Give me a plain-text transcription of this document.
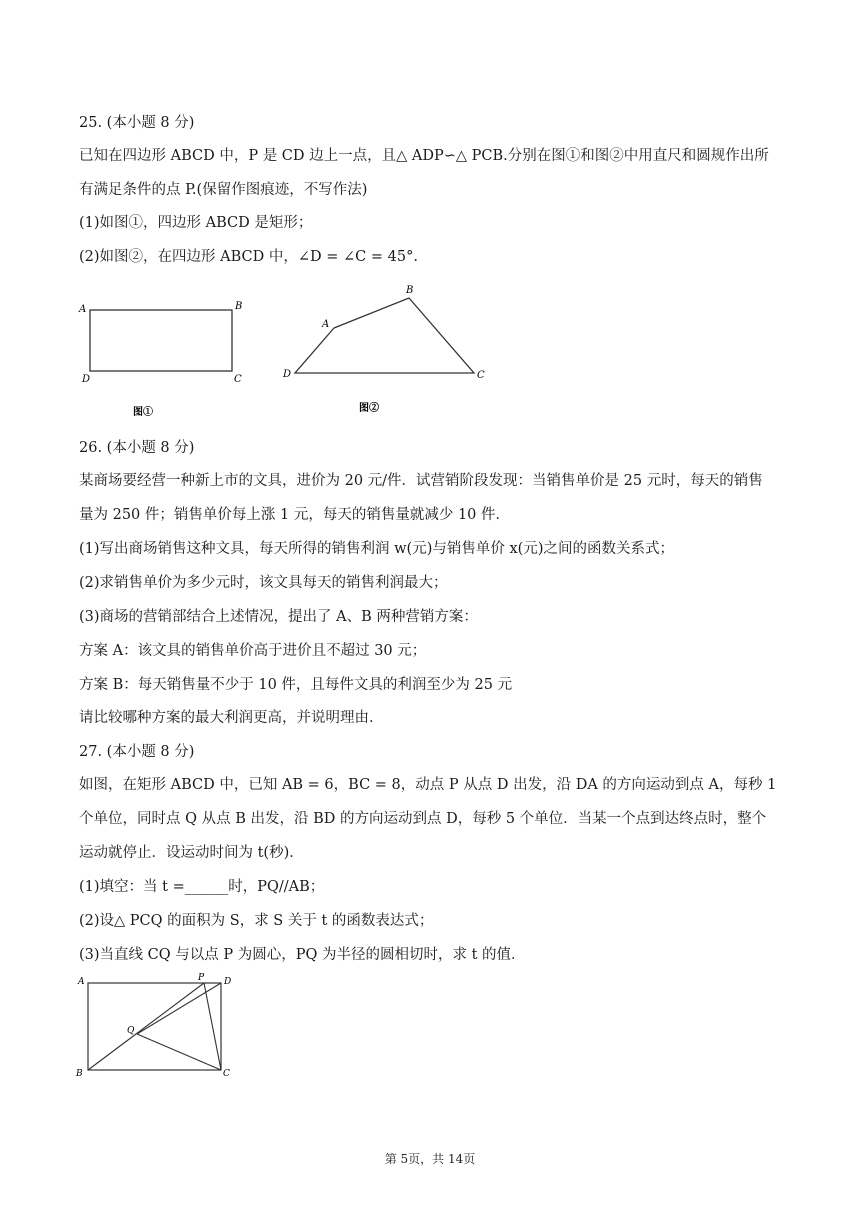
25. (本小题 8 分)
已知在四边形 ABCD 中，P 是 CD 边上一点，且△ ADP∽△ PCB.分别在图①和图②中用直尺和圆规作出所
有满足条件的点 P.(保留作图痕迹，不写作法)
(1)如图①，四边形 ABCD 是矩形；
(2)如图②，在四边形 ABCD 中，∠D = ∠C = 45°.
A	B
D	C
图①
A
B
D	C
图②
26. (本小题 8 分)
某商场要经营一种新上市的文具，进价为 20 元/件．试营销阶段发现：当销售单价是 25 元时，每天的销售
量为 250 件；销售单价每上涨 1 元，每天的销售量就减少 10 件．
(1)写出商场销售这种文具，每天所得的销售利润 w(元)与销售单价 x(元)之间的函数关系式；
(2)求销售单价为多少元时，该文具每天的销售利润最大；
(3)商场的营销部结合上述情况，提出了 A、B 两种营销方案：
方案 A：该文具的销售单价高于进价且不超过 30 元；
方案 B：每天销售量不少于 10 件，且每件文具的利润至少为 25 元
请比较哪种方案的最大利润更高，并说明理由．
27. (本小题 8 分)
如图，在矩形 ABCD 中，已知 AB = 6，BC = 8，动点 P 从点 D 出发，沿 DA 的方向运动到点 A，每秒 1
个单位，同时点 Q 从点 B 出发，沿 BD 的方向运动到点 D，每秒 5 个单位．当某一个点到达终点时，整个
运动就停止．设运动时间为 t(秒)．
(1)填空：当 t =______时，PQ//AB；
(2)设△ PCQ 的面积为 S，求 S 关于 t 的函数表达式；
(3)当直线 CQ 与以点 P 为圆心，PQ 为半径的圆相切时，求 t 的值．
A	P D
Q
B	C
第 5页，共 14页
